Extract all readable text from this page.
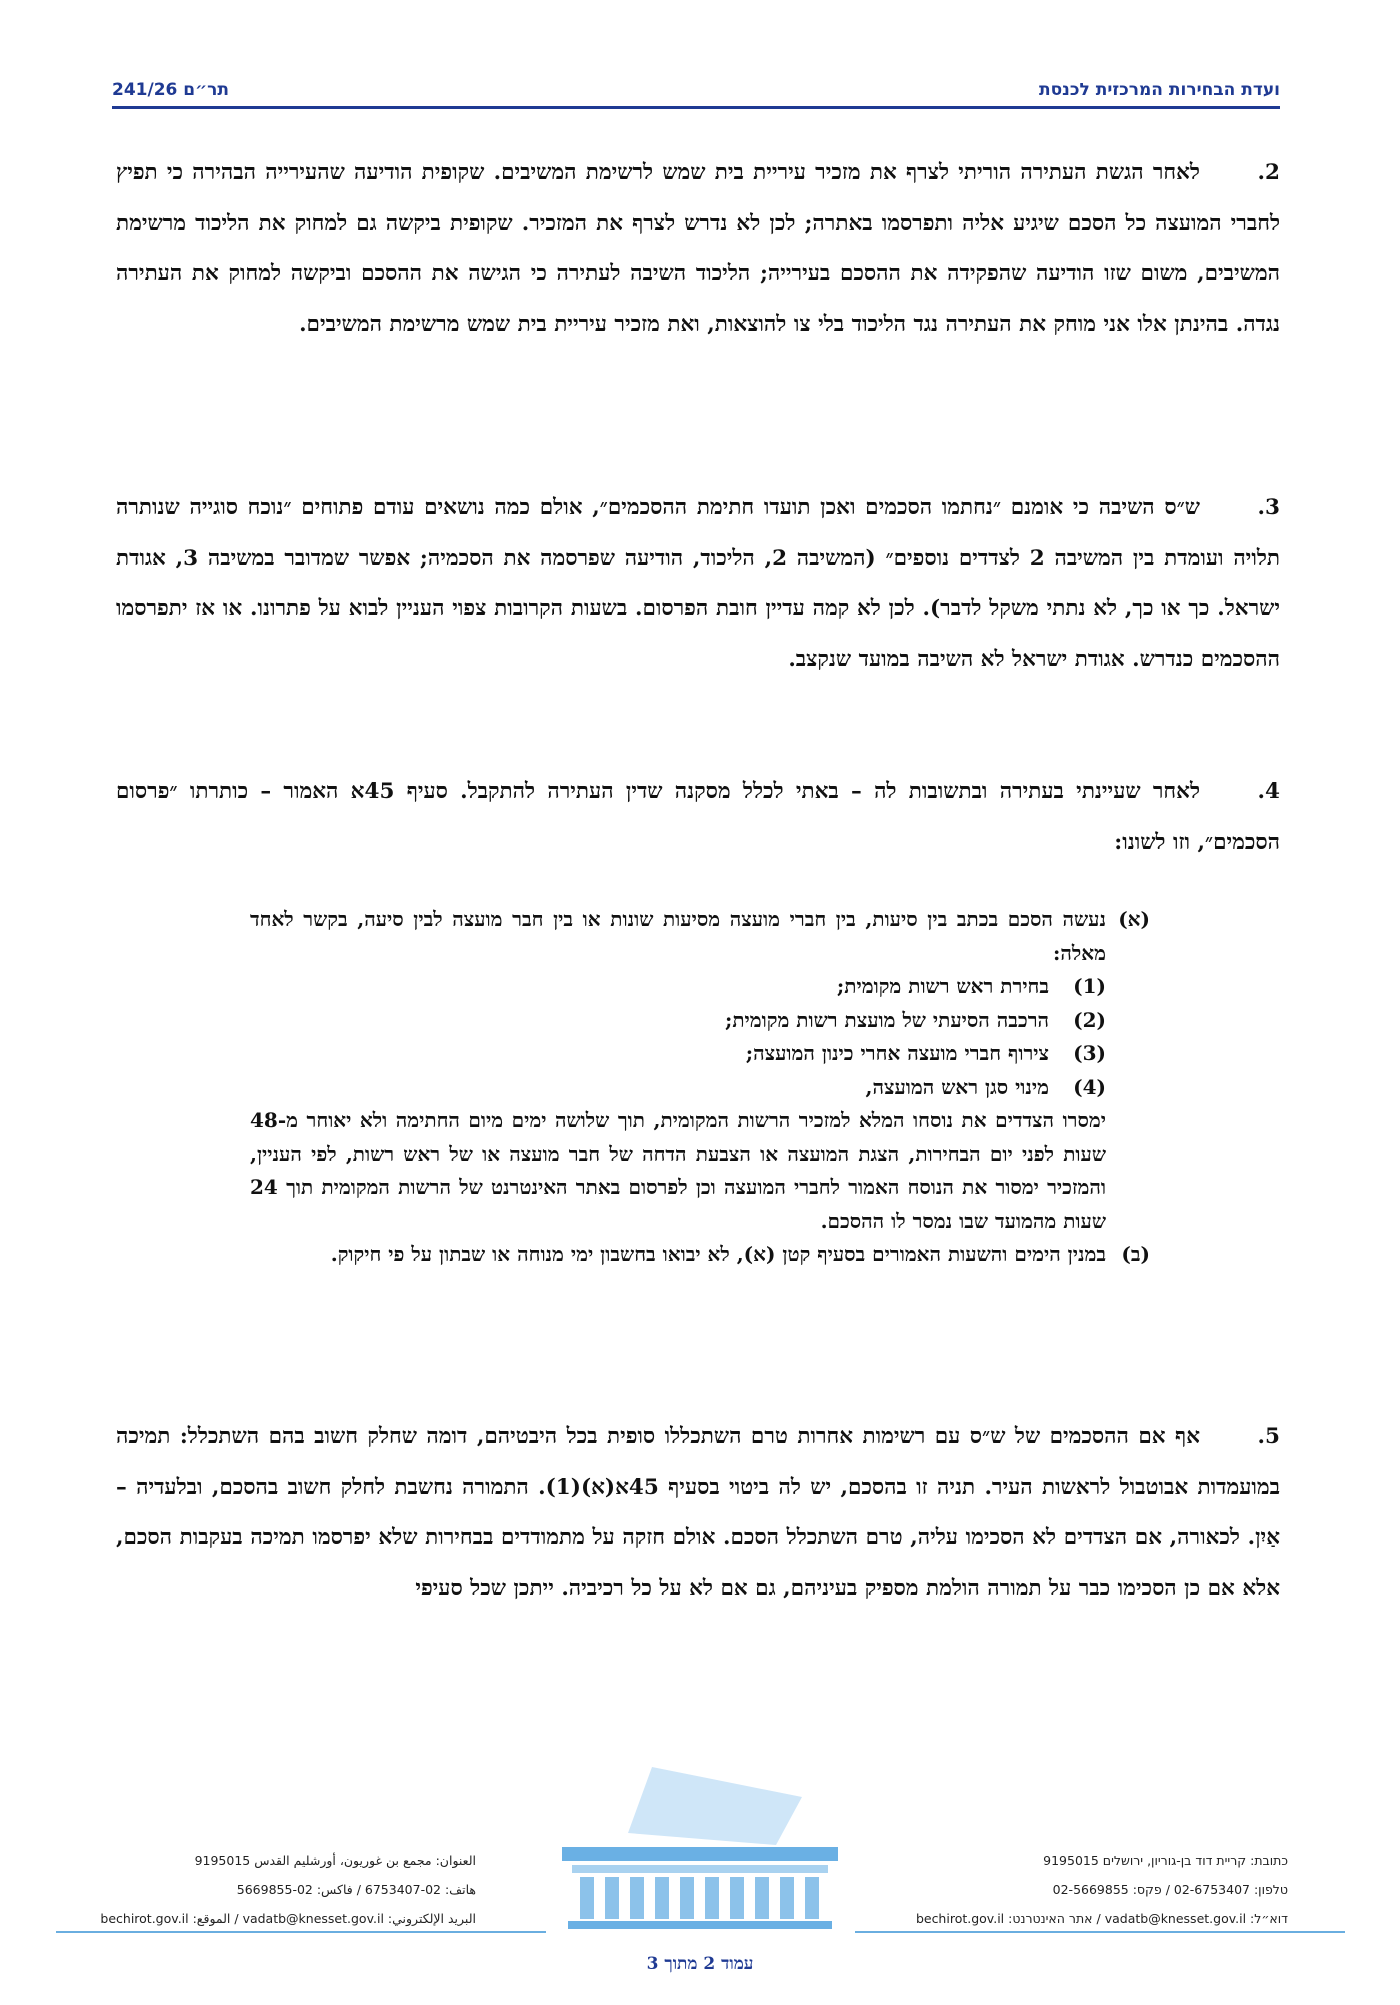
ועדת הבחירות המרכזית לכנסת
תר״ם 241/26
2.לאחר הגשת העתירה הוריתי לצרף את מזכיר עיריית בית שמש לרשימת המשיבים. שקופית הודיעה שהעירייה הבהירה כי תפיץ לחברי המועצה כל הסכם שיגיע אליה ותפרסמו באתרה; לכן לא נדרש לצרף את המזכיר. שקופית ביקשה גם למחוק את הליכוד מרשימת המשיבים, משום שזו הודיעה שהפקידה את ההסכם בעירייה; הליכוד השיבה לעתירה כי הגישה את ההסכם וביקשה למחוק את העתירה נגדה. בהינתן אלו אני מוחק את העתירה נגד הליכוד בלי צו להוצאות, ואת מזכיר עיריית בית שמש מרשימת המשיבים.
3.ש״ס השיבה כי אומנם ״נחתמו הסכמים ואכן תועדו חתימת ההסכמים״, אולם כמה נושאים עודם פתוחים ״נוכח סוגייה שנותרה תלויה ועומדת בין המשיבה 2 לצדדים נוספים״ (המשיבה 2, הליכוד, הודיעה שפרסמה את הסכמיה; אפשר שמדובר במשיבה 3, אגודת ישראל. כך או כך, לא נתתי משקל לדבר). לכן לא קמה עדיין חובת הפרסום. בשעות הקרובות צפוי העניין לבוא על פתרונו. או אז יתפרסמו ההסכמים כנדרש. אגודת ישראל לא השיבה במועד שנקצב.
4.לאחר שעיינתי בעתירה ובתשובות לה – באתי לכלל מסקנה שדין העתירה להתקבל. סעיף 45א האמור – כותרתו ״פרסום הסכמים״, וזו לשונו:
(א)
נעשה הסכם בכתב בין סיעות, בין חברי מועצה מסיעות שונות או בין חבר מועצה לבין סיעה, בקשר לאחד מאלה:
(1) בחירת ראש רשות מקומית;
(2) הרכבה הסיעתי של מועצת רשות מקומית;
(3) צירוף חברי מועצה אחרי כינון המועצה;
(4) מינוי סגן ראש המועצה,
ימסרו הצדדים את נוסחו המלא למזכיר הרשות המקומית, תוך שלושה ימים מיום החתימה ולא יאוחר מ-48 שעות לפני יום הבחירות, הצגת המועצה או הצבעת הדחה של חבר מועצה או של ראש רשות, לפי העניין, והמזכיר ימסור את הנוסח האמור לחברי המועצה וכן לפרסום באתר האינטרנט של הרשות המקומית תוך 24 שעות מהמועד שבו נמסר לו ההסכם.
(ב)
במנין הימים והשעות האמורים בסעיף קטן (א), לא יבואו בחשבון ימי מנוחה או שבתון על פי חיקוק.
5.אף אם ההסכמים של ש״ס עם רשימות אחרות טרם השתכללו סופית בכל היבטיהם, דומה שחלק חשוב בהם השתכלל: תמיכה במועמדות אבוטבול לראשות העיר. תניה זו בהסכם, יש לה ביטוי בסעיף 45א(א)(1). התמורה נחשבת לחלק חשוב בהסכם, ובלעדיה – אַיִן. לכאורה, אם הצדדים לא הסכימו עליה, טרם השתכלל הסכם. אולם חזקה על מתמודדים בבחירות שלא יפרסמו תמיכה בעקבות הסכם, אלא אם כן הסכימו כבר על תמורה הולמת מספיק בעיניהם, גם אם לא על כל רכיביה. ייתכן שכל סעיפי
כתובת: קריית דוד בן-גוריון, ירושלים 9195015
טלפון: 02-6753407 / פקס: 02-5669855
דוא״ל: vadatb@knesset.gov.il / אתר האינטרנט: bechirot.gov.il
العنوان: مجمع بن غوريون، أورشليم القدس 9195015
هاتف: 02-6753407 / فاكس: 02-5669855
البريد الإلكتروني: vadatb@knesset.gov.il / الموقع: bechirot.gov.il
עמוד 2 מתוך 3
